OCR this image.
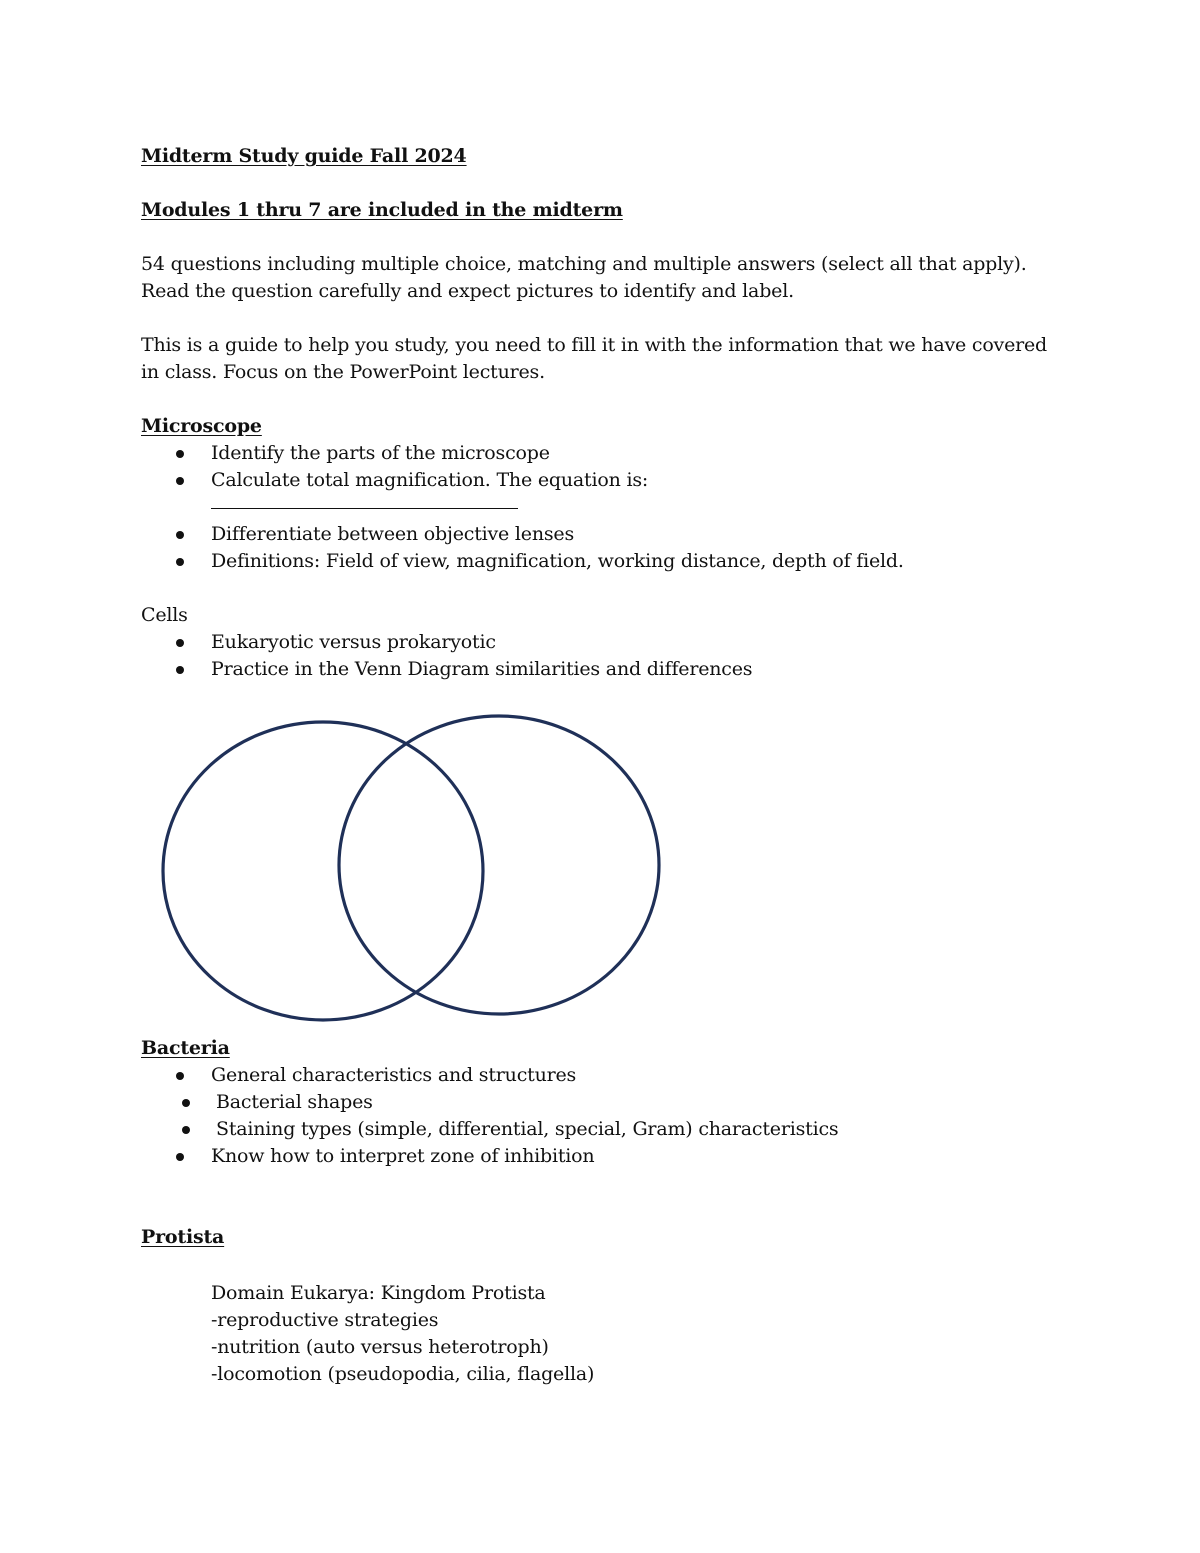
Midterm Study guide Fall 2024
Modules 1 thru 7 are included in the midterm
54 questions including multiple choice, matching and multiple answers (select all that apply).
Read the question carefully and expect pictures to identify and label.
This is a guide to help you study, you need to fill it in with the information that we have covered
in class. Focus on the PowerPoint lectures.
Microscope
Identify the parts of the microscope
Calculate total magnification. The equation is:
Differentiate between objective lenses
Definitions: Field of view, magnification, working distance, depth of field.
Cells
Eukaryotic versus prokaryotic
Practice in the Venn Diagram similarities and differences
Bacteria
General characteristics and structures
Bacterial shapes
Staining types (simple, differential, special, Gram) characteristics
Know how to interpret zone of inhibition
Protista
Domain Eukarya: Kingdom Protista
-reproductive strategies
-nutrition (auto versus heterotroph)
-locomotion (pseudopodia, cilia, flagella)
